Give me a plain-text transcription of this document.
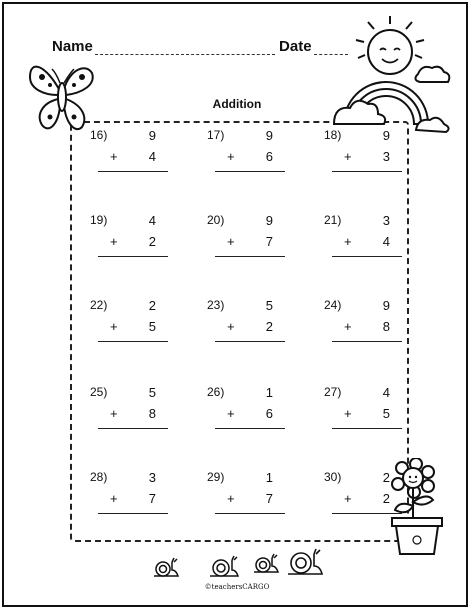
Name	Date
Addition
16)	9
+ 4
17)	9
+ 6
18)	9
+ 3
19)	4
+ 2
20)	9
+ 7
21)	3
+ 4
22)	2
+ 5
23)	5
+ 2
24)	9
+ 8
25)	5
+ 8
26)	1
+ 6
27)	4
+ 5
28)	3
+ 7
29)	1
+ 7
30)	2
+ 2
©teachersCARGO
